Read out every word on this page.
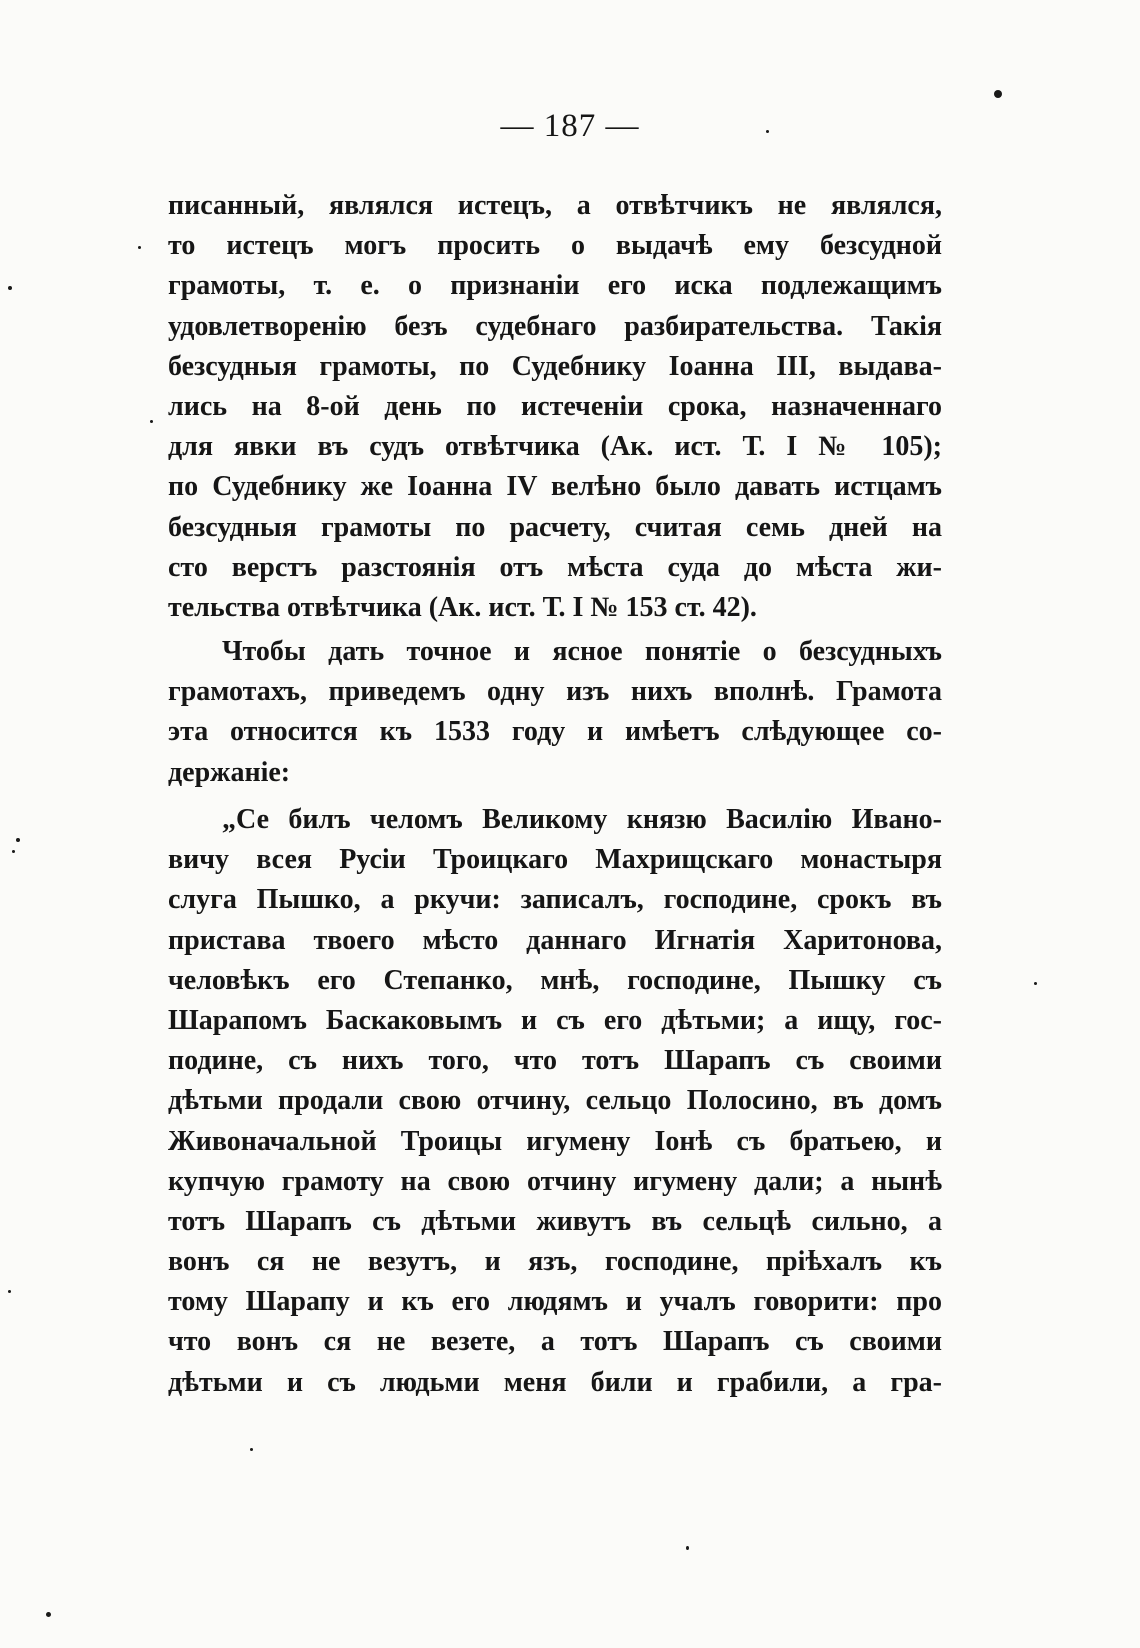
— 187 —
писанный, являлся истецъ, а отвѣтчикъ не являлся,
то истецъ могъ просить о выдачѣ ему безсудной
грамоты, т. е. о признаніи его иска подлежащимъ
удовлетворенію безъ судебнаго разбирательства. Такія
безсудныя грамоты, по Судебнику Іоанна III, выдава-
лись на 8-ой день по истеченіи срока, назначеннаго
для явки въ судъ отвѣтчика (Ак. ист. Т. І № 105);
по Судебнику же Іоанна IV велѣно было давать истцамъ
безсудныя грамоты по расчету, считая семь дней на
сто верстъ разстоянія отъ мѣста суда до мѣста жи-
тельства отвѣтчика (Ак. ист. Т. І № 153 ст. 42).
Чтобы дать точное и ясное понятіе о безсудныхъ
грамотахъ, приведемъ одну изъ нихъ вполнѣ. Грамота
эта относится къ 1533 году и имѣетъ слѣдующее со-
держаніе:
„Се билъ челомъ Великому князю Василію Ивано-
вичу всея Русіи Троицкаго Махрищскаго монастыря
слуга Пышко, а ркучи: записалъ, господине, срокъ въ
пристава твоего мѣсто даннаго Игнатія Харитонова,
человѣкъ его Степанко, мнѣ, господине, Пышку съ
Шарапомъ Баскаковымъ и съ его дѣтьми; а ищу, гос-
подине, съ нихъ того, что тотъ Шарапъ съ своими
дѣтьми продали свою отчину, сельцо Полосино, въ домъ
Живоначальной Троицы игумену Іонѣ съ братьею, и
купчую грамоту на свою отчину игумену дали; а нынѣ
тотъ Шарапъ съ дѣтьми живутъ въ сельцѣ сильно, а
вонъ ся не везутъ, и язъ, господине, пріѣхалъ къ
тому Шарапу и къ его людямъ и учалъ говорити: про
что вонъ ся не везете, а тотъ Шарапъ съ своими
дѣтьми и съ людьми меня били и грабили, а гра-
